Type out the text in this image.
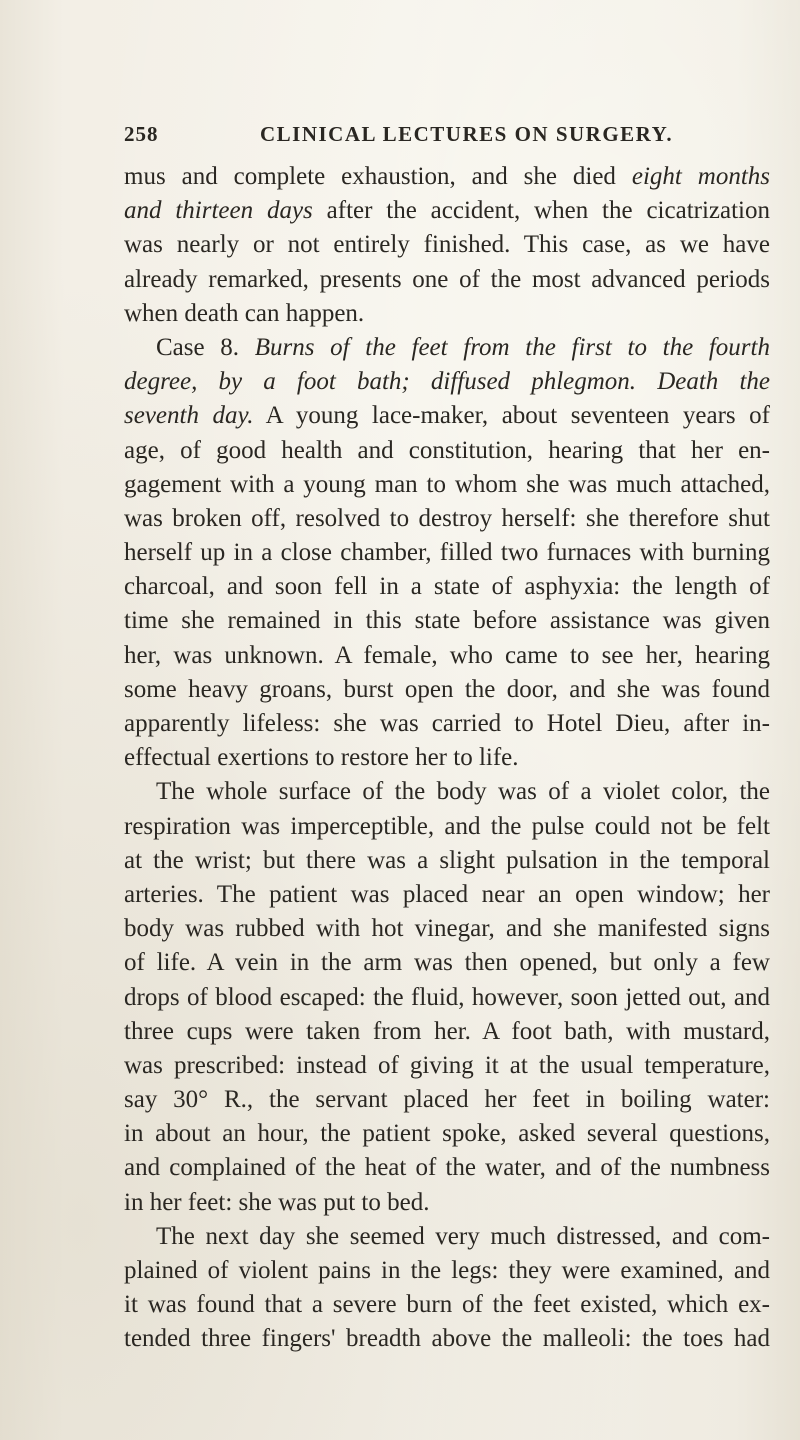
258	CLINICAL LECTURES ON SURGERY.
mus and complete exhaustion, and she died eight months
and thirteen days after the accident, when the cicatrization
was nearly or not entirely finished. This case, as we have
already remarked, presents one of the most advanced periods
when death can happen.
Case 8. Burns of the feet from the first to the fourth
degree, by a foot bath; diffused phlegmon. Death the
seventh day. A young lace-maker, about seventeen years of
age, of good health and constitution, hearing that her en-
gagement with a young man to whom she was much attached,
was broken off, resolved to destroy herself: she therefore shut
herself up in a close chamber, filled two furnaces with burning
charcoal, and soon fell in a state of asphyxia: the length of
time she remained in this state before assistance was given
her, was unknown. A female, who came to see her, hearing
some heavy groans, burst open the door, and she was found
apparently lifeless: she was carried to Hotel Dieu, after in-
effectual exertions to restore her to life.
The whole surface of the body was of a violet color, the
respiration was imperceptible, and the pulse could not be felt
at the wrist; but there was a slight pulsation in the temporal
arteries. The patient was placed near an open window; her
body was rubbed with hot vinegar, and she manifested signs
of life. A vein in the arm was then opened, but only a few
drops of blood escaped: the fluid, however, soon jetted out, and
three cups were taken from her. A foot bath, with mustard,
was prescribed: instead of giving it at the usual temperature,
say 30° R., the servant placed her feet in boiling water:
in about an hour, the patient spoke, asked several questions,
and complained of the heat of the water, and of the numbness
in her feet: she was put to bed.
The next day she seemed very much distressed, and com-
plained of violent pains in the legs: they were examined, and
it was found that a severe burn of the feet existed, which ex-
tended three fingers' breadth above the malleoli: the toes had
